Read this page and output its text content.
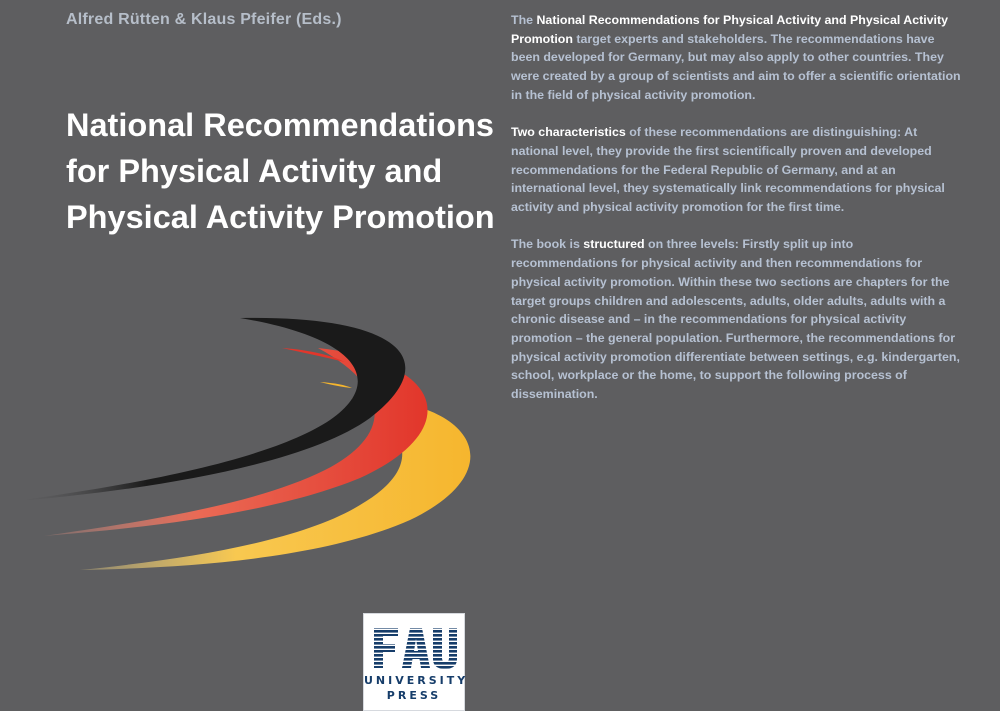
Alfred Rütten & Klaus Pfeifer (Eds.)
National Recommendations
for Physical Activity and
Physical Activity Promotion

The National Recommendations for Physical Activity and Physical Activity Promotion target experts and stakeholders. The recommendations have been developed for Germany, but may also apply to other countries. They were created by a group of scientists and aim to offer a scientific orientation in the field of physical activity promotion.

Two characteristics of these recommendations are distinguishing: At national level, they provide the first scientifically proven and developed recommendations for the Federal Republic of Germany, and at an international level, they systematically link recommendations for physical activity and physical activity promotion for the first time.

The book is structured on three levels: Firstly split up into recommendations for physical activity and then recommendations for physical activity promotion. Within these two sections are chapters for the target groups children and adolescents, adults, older adults, adults with a chronic disease and – in the recommendations for physical activity promotion – the general population. Furthermore, the recommendations for physical activity promotion differentiate between settings, e.g. kindergarten, school, workplace or the home, to support the following process of dissemination.

UNIVERSITY
PRESS
